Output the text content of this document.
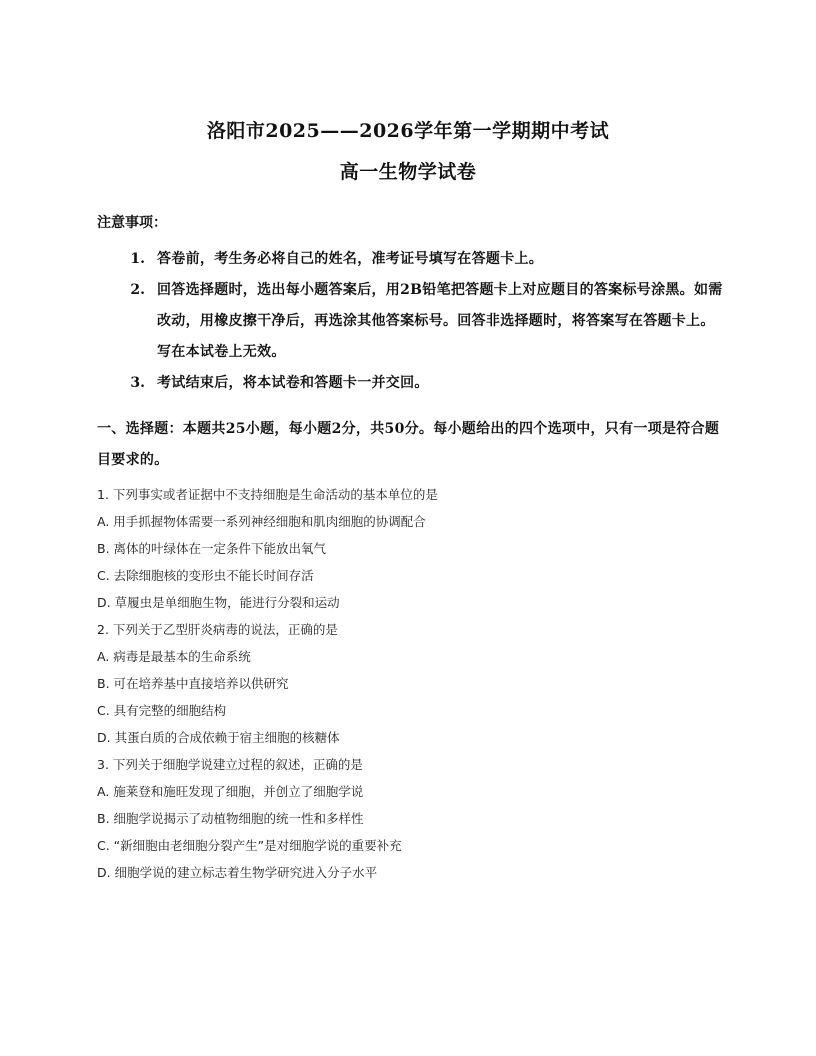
洛阳市2025——2026学年第一学期期中考试
高一生物学试卷
注意事项：
1. 答卷前，考生务必将自己的姓名，准考证号填写在答题卡上。
2. 回答选择题时，选出每小题答案后，用2B铅笔把答题卡上对应题目的答案标号涂黑。如需改动，用橡皮擦干净后，再选涂其他答案标号。回答非选择题时，将答案写在答题卡上。写在本试卷上无效。
3. 考试结束后，将本试卷和答题卡一并交回。
一、选择题：本题共25小题，每小题2分，共50分。每小题给出的四个选项中，只有一项是符合题目要求的。
1. 下列事实或者证据中不支持细胞是生命活动的基本单位的是
A. 用手抓握物体需要一系列神经细胞和肌肉细胞的协调配合
B. 离体的叶绿体在一定条件下能放出氧气
C. 去除细胞核的变形虫不能长时间存活
D. 草履虫是单细胞生物，能进行分裂和运动
2. 下列关于乙型肝炎病毒的说法，正确的是
A. 病毒是最基本的生命系统
B. 可在培养基中直接培养以供研究
C. 具有完整的细胞结构
D. 其蛋白质的合成依赖于宿主细胞的核糖体
3. 下列关于细胞学说建立过程的叙述，正确的是
A. 施莱登和施旺发现了细胞，并创立了细胞学说
B. 细胞学说揭示了动植物细胞的统一性和多样性
C. “新细胞由老细胞分裂产生”是对细胞学说的重要补充
D. 细胞学说的建立标志着生物学研究进入分子水平
